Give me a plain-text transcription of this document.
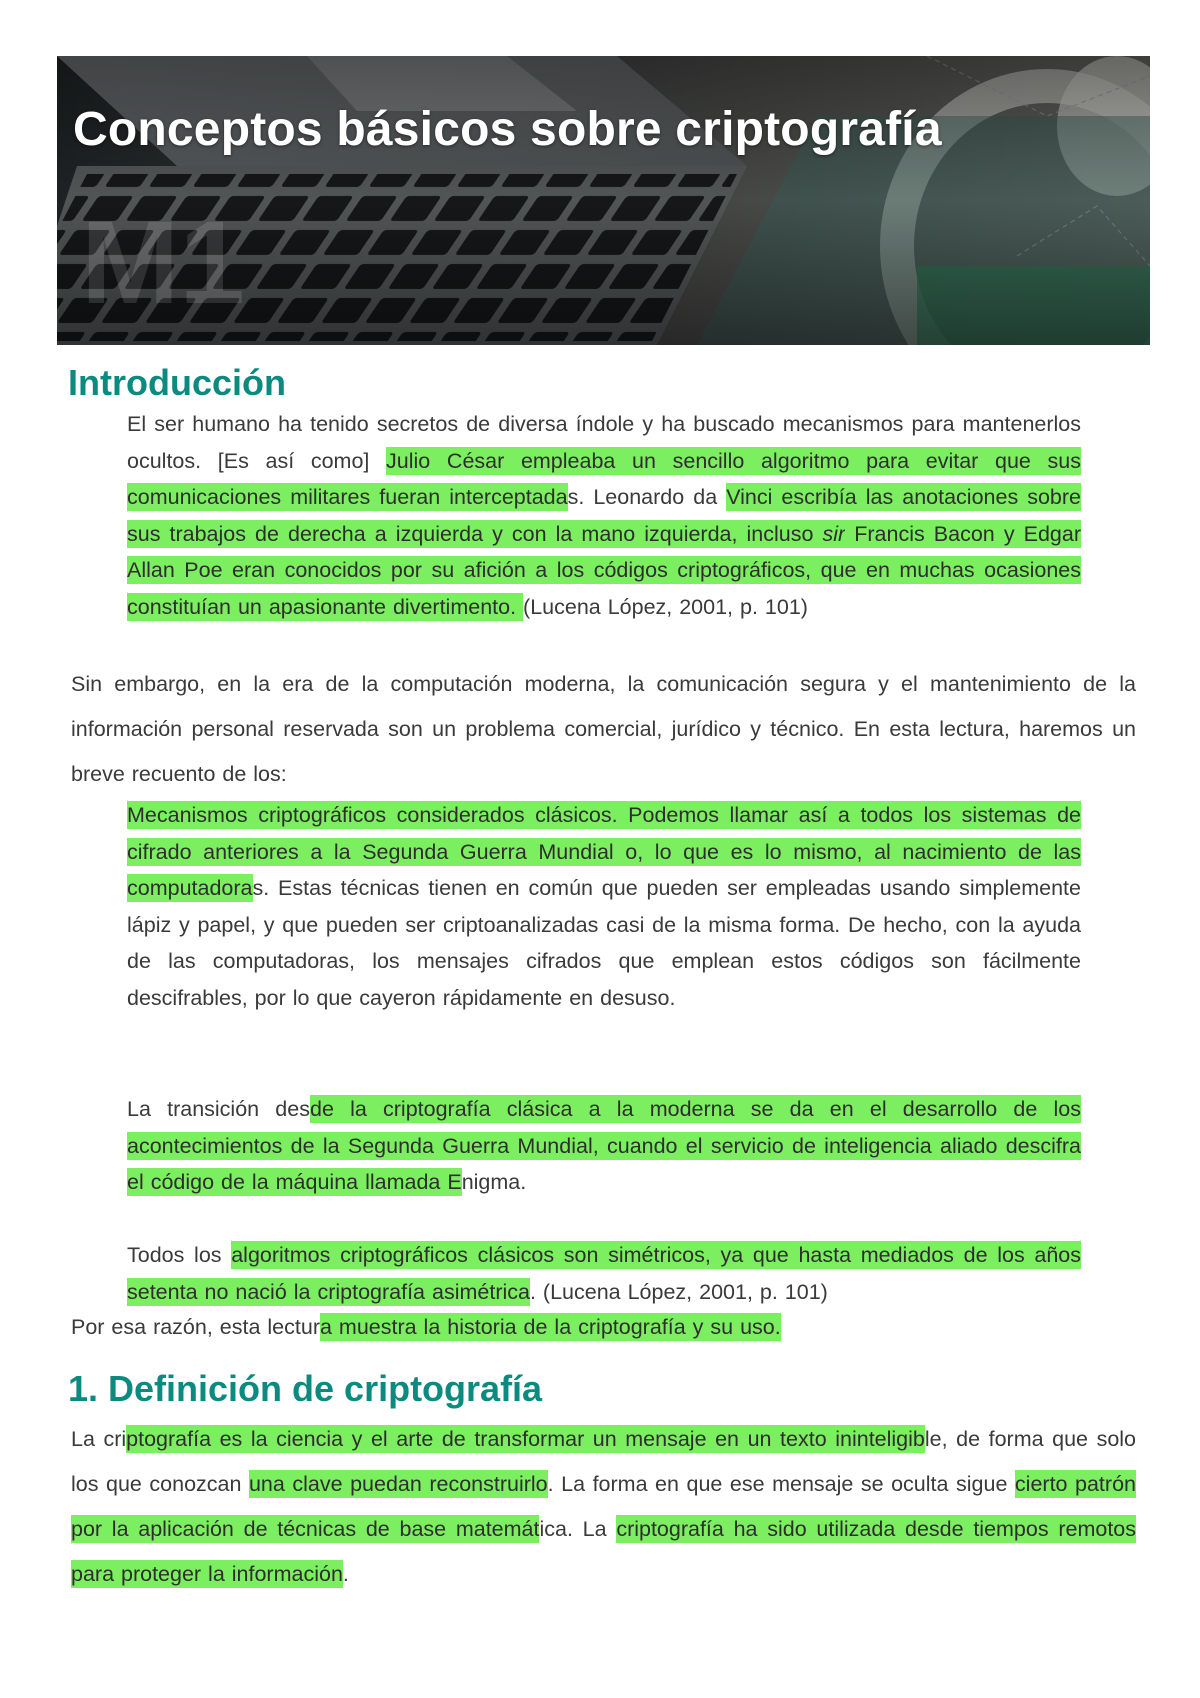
M1
Conceptos básicos sobre criptografía
Introducción

El ser humano ha tenido secretos de diversa índole y ha buscado mecanismos para mantenerlos ocultos. [Es así como] Julio César empleaba un sencillo algoritmo para evitar que sus comunicaciones militares fueran interceptadas. Leonardo da Vinci escribía las anotaciones sobre sus trabajos de derecha a izquierda y con la mano izquierda, incluso sir Francis Bacon y Edgar Allan Poe eran conocidos por su afición a los códigos criptográficos, que en muchas ocasiones constituían un apasionante divertimento. (Lucena López, 2001, p. 101)

Sin embargo, en la era de la computación moderna, la comunicación segura y el mantenimiento de la información personal reservada son un problema comercial, jurídico y técnico. En esta lectura, haremos un breve recuento de los:

Mecanismos criptográficos considerados clásicos. Podemos llamar así a todos los sistemas de cifrado anteriores a la Segunda Guerra Mundial o, lo que es lo mismo, al nacimiento de las computadoras. Estas técnicas tienen en común que pueden ser empleadas usando simplemente lápiz y papel, y que pueden ser criptoanalizadas casi de la misma forma. De hecho, con la ayuda de las computadoras, los mensajes cifrados que emplean estos códigos son fácilmente descifrables, por lo que cayeron rápidamente en desuso.

La transición desde la criptografía clásica a la moderna se da en el desarrollo de los acontecimientos de la Segunda Guerra Mundial, cuando el servicio de inteligencia aliado descifra el código de la máquina llamada Enigma.

Todos los algoritmos criptográficos clásicos son simétricos, ya que hasta mediados de los años setenta no nació la criptografía asimétrica. (Lucena López, 2001, p. 101)

Por esa razón, esta lectura muestra la historia de la criptografía y su uso.

1. Definición de criptografía

La criptografía es la ciencia y el arte de transformar un mensaje en un texto ininteligible, de forma que solo los que conozcan una clave puedan reconstruirlo. La forma en que ese mensaje se oculta sigue cierto patrón por la aplicación de técnicas de base matemática. La criptografía ha sido utilizada desde tiempos remotos para proteger la información.
